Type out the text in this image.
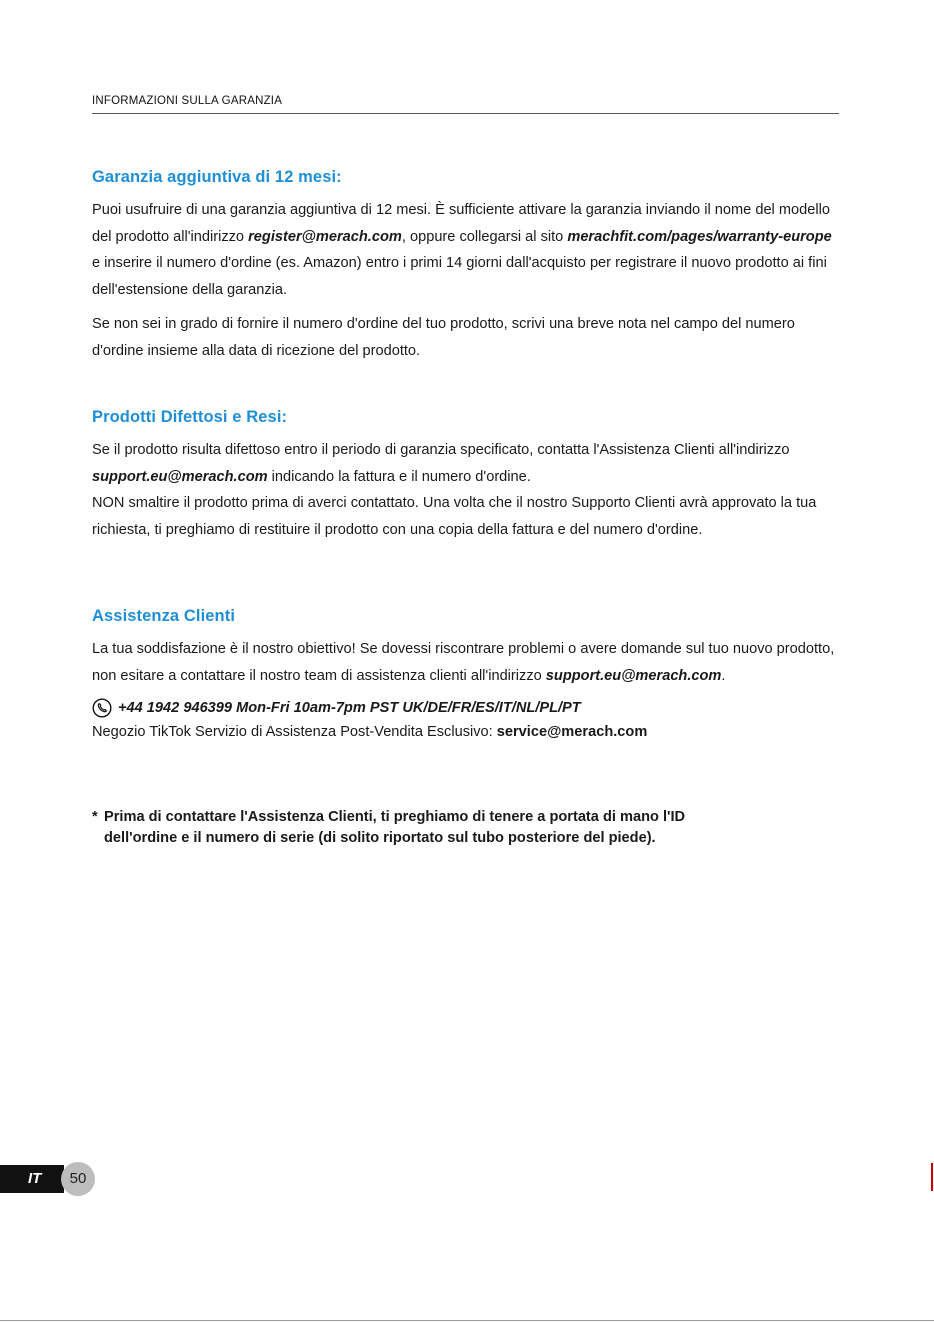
INFORMAZIONI SULLA GARANZIA
Garanzia aggiuntiva di 12 mesi:

Puoi usufruire di una garanzia aggiuntiva di 12 mesi. È sufficiente attivare la garanzia inviando il nome del modello del prodotto all'indirizzo register@merach.com, oppure collegarsi al sito merachfit.com/pages/warranty-europe e inserire il numero d'ordine (es. Amazon) entro i primi 14 giorni dall'acquisto per registrare il nuovo prodotto ai fini dell'estensione della garanzia.

Se non sei in grado di fornire il numero d'ordine del tuo prodotto, scrivi una breve nota nel campo del numero d'ordine insieme alla data di ricezione del prodotto.

Prodotti Difettosi e Resi:

Se il prodotto risulta difettoso entro il periodo di garanzia specificato, contatta l'Assistenza Clienti all'indirizzo support.eu@merach.com indicando la fattura e il numero d'ordine.
NON smaltire il prodotto prima di averci contattato. Una volta che il nostro Supporto Clienti avrà approvato la tua richiesta, ti preghiamo di restituire il prodotto con una copia della fattura e del numero d'ordine.

Assistenza Clienti

La tua soddisfazione è il nostro obiettivo! Se dovessi riscontrare problemi o avere domande sul tuo nuovo prodotto, non esitare a contattare il nostro team di assistenza clienti all'indirizzo support.eu@merach.com.

+44 1942 946399 Mon-Fri 10am-7pm PST UK/DE/FR/ES/IT/NL/PL/PT
Negozio TikTok Servizio di Assistenza Post-Vendita Esclusivo: service@merach.com
* Prima di contattare l'Assistenza Clienti, ti preghiamo di tenere a portata di mano l'ID
dell'ordine e il numero di serie (di solito riportato sul tubo posteriore del piede).
IT	50
